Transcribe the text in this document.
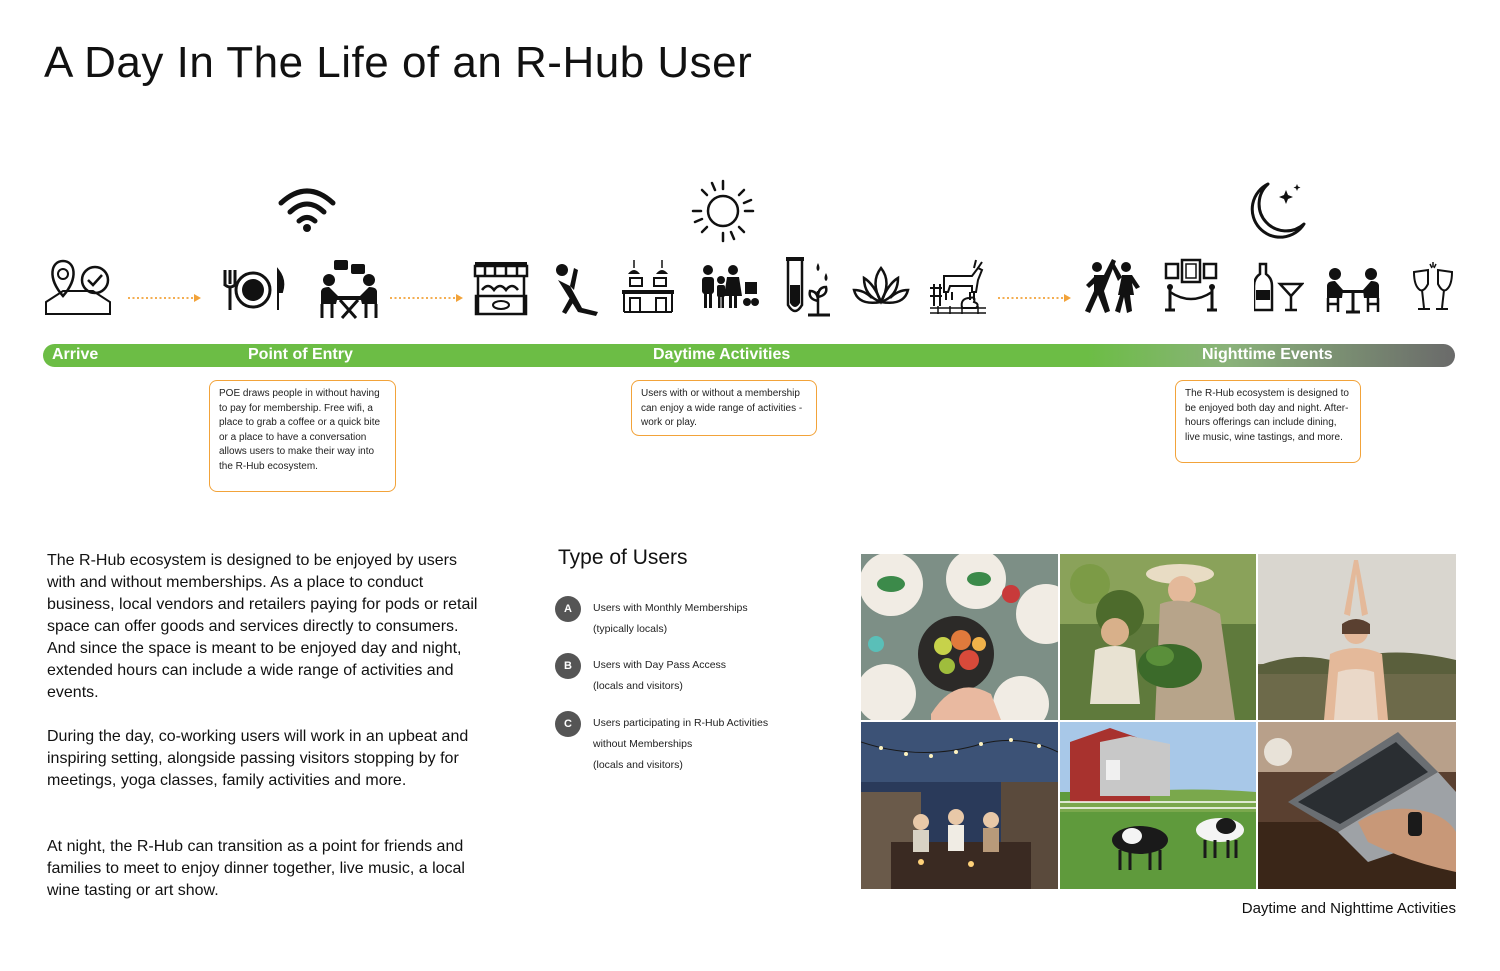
A Day In The Life of an R-Hub User
Arrive	Point of Entry	Daytime Activities	Nighttime Events
POE draws people in without having to pay for membership. Free wifi, a place to grab a coffee or a quick bite or a place to have a conversation allows users to make their way into the R-Hub ecosystem.
Users with or without a membership can enjoy a wide range of activities - work or play.
The R-Hub ecosystem is designed to be enjoyed both day and night. After-hours offerings can include dining, live music, wine tastings, and more.
The R-Hub ecosystem is designed to be enjoyed by users with and without memberships. As a place to conduct business, local vendors and retailers paying for pods or retail space can offer goods and services directly to consumers. And since the space is meant to be enjoyed day and night, extended hours can include a wide range of activities and events.
During the day, co-working users will work in an upbeat and inspiring setting, alongside passing visitors stopping by for meetings, yoga classes, family activities and more.
At night, the R-Hub can transition as a point for friends and families to meet to enjoy dinner together, live music, a local wine tasting or art show.
Type of Users
A	Users with Monthly Memberships
(typically locals)
B	Users with Day Pass Access
(locals and visitors)
C	Users participating in R-Hub Activities
without Memberships
(locals and visitors)
Daytime and Nighttime Activities
